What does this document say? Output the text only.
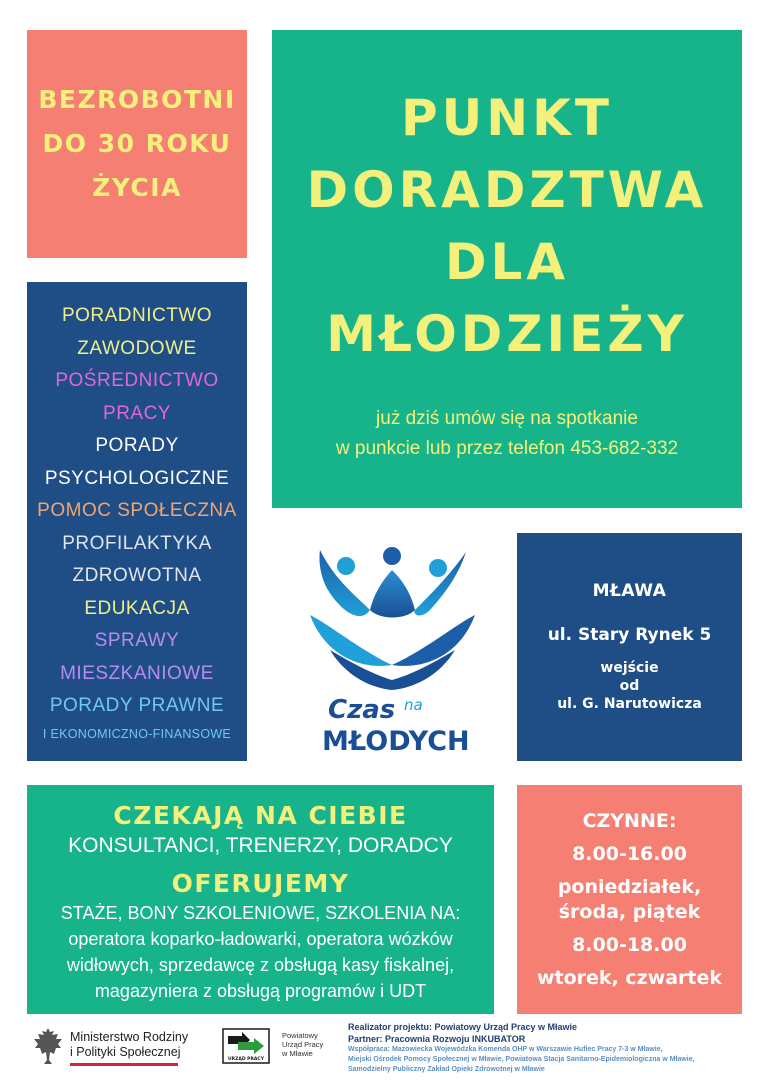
BEZROBOTNI
DO 30 ROKU
ŻYCIA
PUNKT
DORADZTWA
DLA
MŁODZIEŻY
już dziś umów się na spotkanie
w punkcie lub przez telefon 453-682-332
PORADNICTWO
ZAWODOWE
POŚREDNICTWO
PRACY
PORADY
PSYCHOLOGICZNE
POMOC SPOŁECZNA
PROFILAKTYKA
ZDROWOTNA
EDUKACJA
SPRAWY
MIESZKANIOWE
PORADY PRAWNE
I EKONOMICZNO-FINANSOWE
Czas na
MŁODYCH
MŁAWA
ul. Stary Rynek 5
wejście
od
ul. G. Narutowicza
CZEKAJĄ NA CIEBIE
KONSULTANCI, TRENERZY, DORADCY
OFERUJEMY
STAŻE, BONY SZKOLENIOWE, SZKOLENIA NA:
operatora koparko-ładowarki, operatora wózków
widłowych, sprzedawcę z obsługą kasy fiskalnej,
magazyniera z obsługą programów i UDT
CZYNNE:
8.00-16.00
poniedziałek,
środa, piątek
8.00-18.00
wtorek, czwartek
Ministerstwo Rodziny
i Polityki Społecznej
URZĄD PRACY
Powiatowy
Urząd Pracy
w Mławie
Realizator projektu: Powiatowy Urząd Pracy w Mławie
Partner: Pracownia Rozwoju INKUBATOR
Współpraca: Mazowiecka Wojewódzka Komenda OHP w Warszawie Hufiec Pracy 7-3 w Mławie,
Miejski Ośrodek Pomocy Społecznej w Mławie, Powiatowa Stacja Sanitarno-Epidemiologiczna w Mławie,
Samodzielny Publiczny Zakład Opieki Zdrowotnej w Mławie
